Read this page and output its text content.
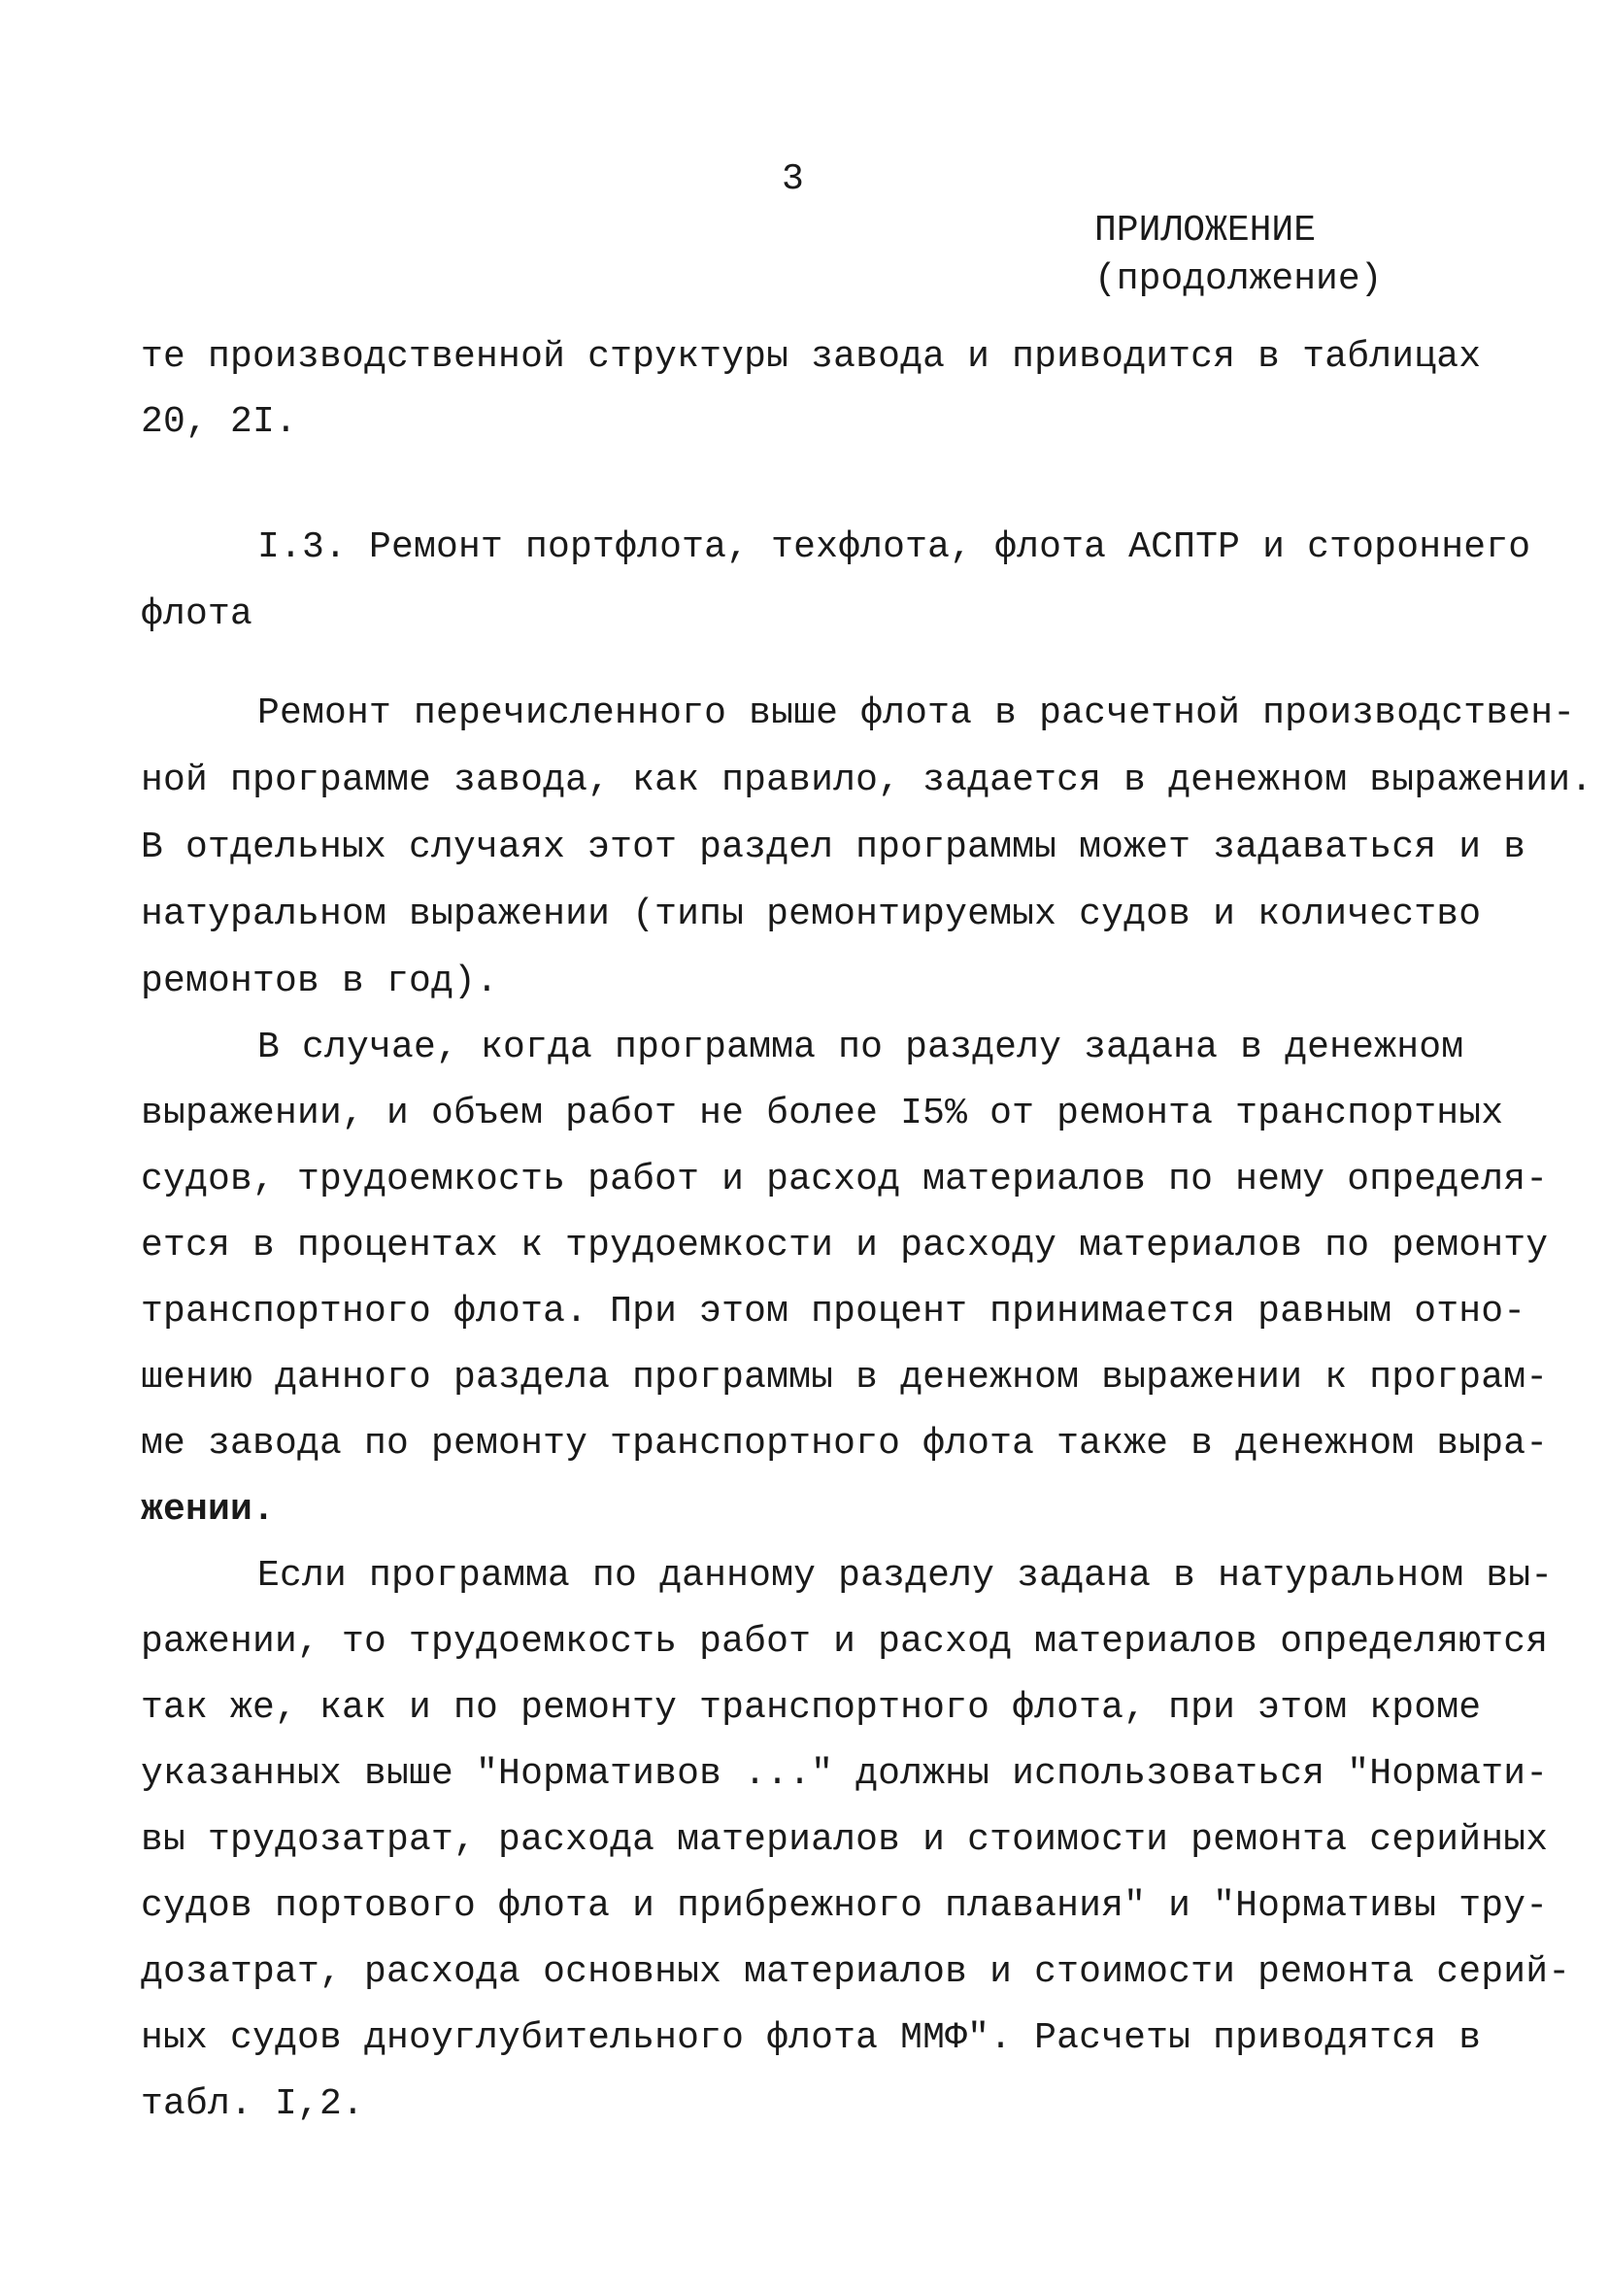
3

ПРИЛОЖЕНИЕ

(продолжение)

те производственной структуры завода и приводится в таблицах

20, 2I.

I.3. Ремонт портфлота, техфлота, флота АСПТР и стороннего

флота

Ремонт перечисленного выше флота в расчетной производствен-

ной программе завода, как правило, задается в денежном выражении.

В отдельных случаях этот раздел программы может задаваться и в

натуральном выражении (типы ремонтируемых судов и количество

ремонтов в год).

В случае, когда программа по разделу задана в денежном

выражении, и объем работ не более I5% от ремонта транспортных

судов, трудоемкость работ и расход материалов по нему определя-

ется в процентах к трудоемкости и расходу материалов по ремонту

транспортного флота. При этом процент принимается равным отно-

шению данного раздела программы в денежном выражении к програм-

ме завода по ремонту транспортного флота также в денежном выра-

жении.

Если программа по данному разделу задана в натуральном вы-

ражении, то трудоемкость работ и расход материалов определяются

так же, как и по ремонту транспортного флота, при этом кроме

указанных выше "Нормативов ..." должны использоваться "Нормати-

вы трудозатрат, расхода материалов и стоимости ремонта серийных

судов портового флота и прибрежного плавания" и "Нормативы тру-

дозатрат, расхода основных материалов и стоимости ремонта серий-

ных судов дноуглубительного флота ММФ". Расчеты приводятся в

табл. I,2.
